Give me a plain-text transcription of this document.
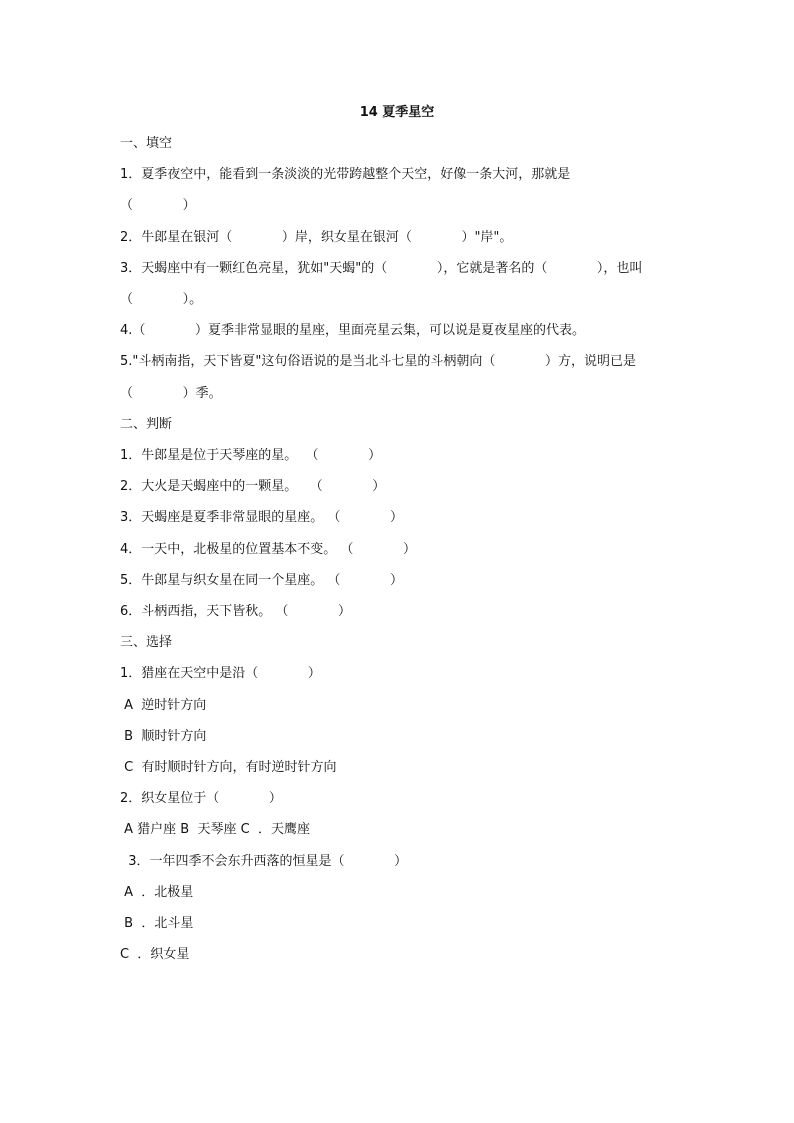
14 夏季星空
一、填空
1．夏季夜空中，能看到一条淡淡的光带跨越整个天空，好像一条大河，那就是
（            ）
2．牛郎星在银河（            ）岸，织女星在银河（            ）"岸"。
3．天蝎座中有一颗红色亮星，犹如"天蝎"的（            ），它就是著名的（            ），也叫
（            ）。
4.（            ）夏季非常显眼的星座，里面亮星云集，可以说是夏夜星座的代表。
5."斗柄南指，天下皆夏"这句俗语说的是当北斗七星的斗柄朝向（            ）方，说明已是
（            ）季。
二、判断
1．牛郎星是位于天琴座的星。  （            ）
2．大火是天蝎座中的一颗星。   （            ）
3．天蝎座是夏季非常显眼的星座。 （            ）
4．一天中，北极星的位置基本不变。 （            ）
5．牛郎星与织女星在同一个星座。 （            ）
6．斗柄西指，天下皆秋。 （            ）
三、选择
1．猎座在天空中是沿（            ）
A  逆时针方向
B  顺时针方向
C  有时顺时针方向，有时逆时针方向
2．织女星位于（            ）
A 猎户座 B  天琴座 C  ．天鹰座
3．一年四季不会东升西落的恒星是（            ）
A  ．北极星
B  ．北斗星
C  ．织女星
